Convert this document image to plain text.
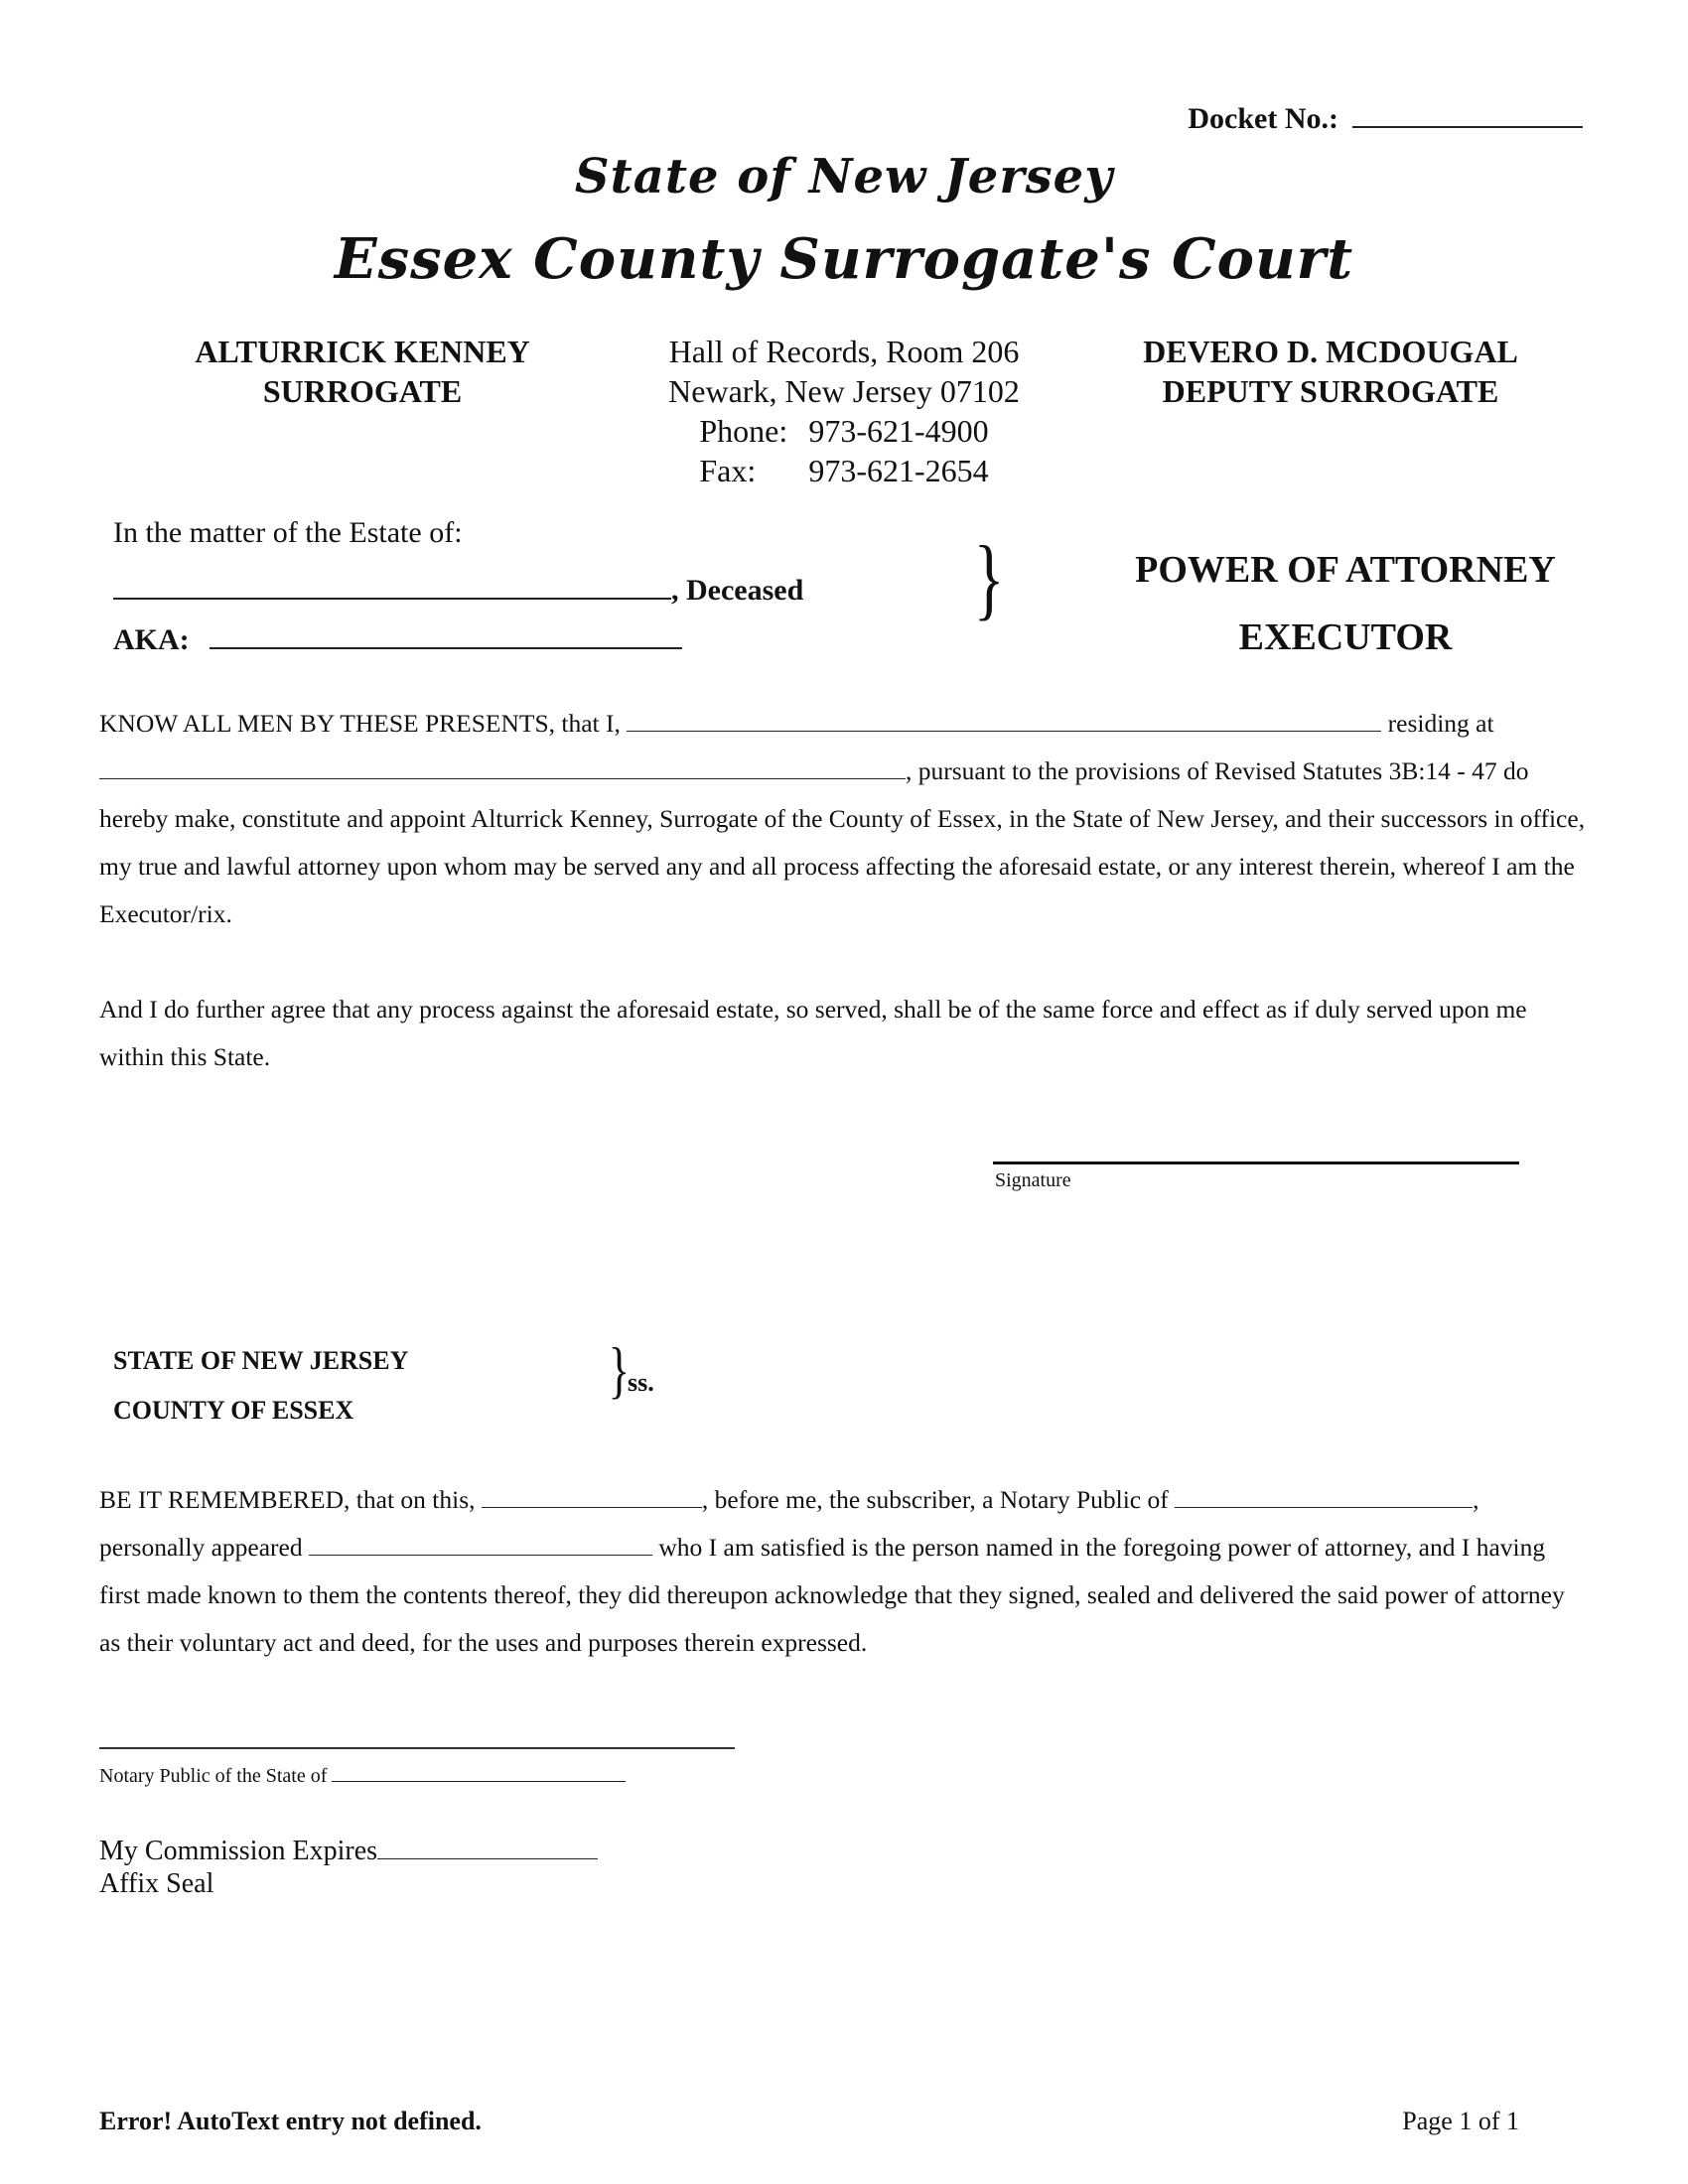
Docket No.:
State of New Jersey
Essex County Surrogate's Court
ALTURRICK KENNEY
SURROGATE
Hall of Records, Room 206
Newark, New Jersey 07102
Phone: 973-621-4900
Fax:	973-621-2654
DEVERO D. MCDOUGAL
DEPUTY SURROGATE
In the matter of the Estate of:
, Deceased
AKA:
}	POWER OF ATTORNEY
EXECUTOR
KNOW ALL MEN BY THESE PRESENTS, that I,	residing at
, pursuant to the provisions of Revised Statutes 3B:14 - 47 do hereby make, constitute and appoint Alturrick Kenney, Surrogate of the County of Essex, in the State of New Jersey, and their successors in office, my true and lawful attorney upon whom may be served any and all process affecting the aforesaid estate, or any interest therein, whereof I am the Executor/rix.
And I do further agree that any process against the aforesaid estate, so served, shall be of the same force and effect as if duly served upon me within this State.
Signature
STATE OF NEW JERSEY
COUNTY OF ESSEX
}
ss.
BE IT REMEMBERED, that on this,	, before me, the subscriber, a Notary Public of	,
personally appeared	who I am satisfied is the person named in the foregoing power of attorney, and I having first made known to them the contents thereof, they did thereupon acknowledge that they signed, sealed and delivered the said power of attorney as their voluntary act and deed, for the uses and purposes therein expressed.
Notary Public of the State of
My Commission Expires
Affix Seal
Error! AutoText entry not defined.	Page 1 of 1
